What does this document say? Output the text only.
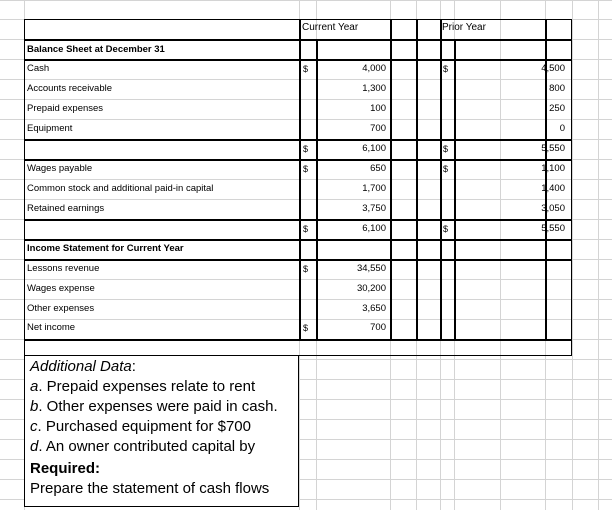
Current Year	Prior Year
Balance Sheet at December 31
Cash	$	4,000	$	4,500
Accounts receivable	1,300	800
Prepaid expenses	100	250
Equipment	700	0
$	6,100	$	5,550
Wages payable	$	650	$	1,100
Common stock and additional paid-in capital	1,700	1,400
Retained earnings	3,750	3,050
$	6,100	$	5,550
Income Statement for Current Year
Lessons revenue	$	34,550
Wages expense	30,200
Other expenses	3,650
Net income	$	700
Additional Data:
a. Prepaid expenses relate to rent
b. Other expenses were paid in cash.
c. Purchased equipment for $700
d. An owner contributed capital by
Required:
Prepare the statement of cash flows
